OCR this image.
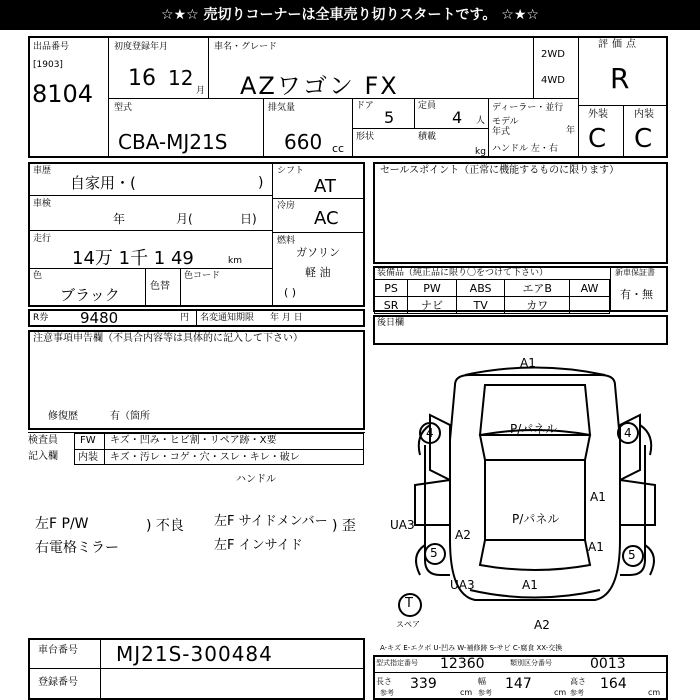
☆★☆ 売切りコーナーは全車売り切りスタートです。 ☆★☆
出品番号
[1903]
8104
初度登録年月
16 12
月
車名・グレード
AZワゴン FX
2WD
4WD
評価点
R
型式
CBA-MJ21S
排気量
660 cc
ドア
5
定員
4 人
形状	積載
kg
ディーラー・並行
モデル
年式	年
ハンドル 左・右
外装	内装
C C
車歴
自家用・(	)
車検
年	月(	日)
走行
14万 1千 1 49	km
色
ブラック	色替
色コード
シフト
AT
冷房
AC
燃料
ガソリン
軽 油
( )
セールスポイント（正常に機能するものに限ります）
装備品（純正品に限り〇をつけて下さい）
PS	PW	ABS	エアB	AW
SR	ナビ	TV	カワ	
新車保証書
有・無
R券 9480	円 名変通知期限 年 月 日
注意事項申告欄（不具合内容等は具体的に記入して下さい）
修復歴	有（箇所
後日欄
検査員
記入欄
FW キズ・凹み・ヒビ割・リペア跡・X要
内装 キズ・汚レ・コゲ・穴・スレ・キレ・破レ
ハンドル
左F P/W
右電格ミラー
) 不良 左F サイドメンバー
左F インサイド
) 歪
車台番号 MJ21S-300484
登録番号
A1
P/パネル
A1
4	4
UA3
A2
A1
5	5
UA3	A1
A2
P/パネル
T
スペア
A-キズ E-エクボ U-凹み W-補修跡 S-サビ C-腐食 XX-交換
型式指定番号 12360	類別区分番号	0013
長さ
参考
339
cm
幅
参考
147
cm
高さ
参考
164
cm
